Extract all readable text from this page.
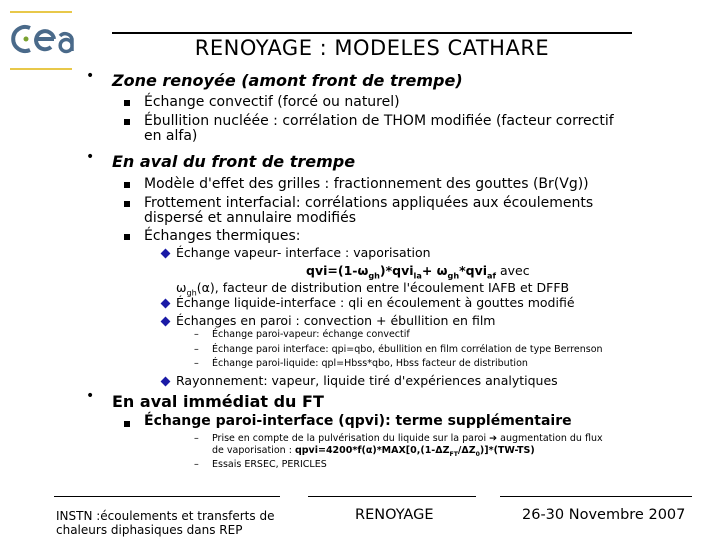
RENOYAGE : MODELES CATHARE
• Zone renoyée (amont front de trempe)
Échange convectif (forcé ou naturel)
Ébullition nucléée : corrélation de THOM modifiée (facteur correctif
en alfa)
• En aval du front de trempe
Modèle d'effet des grilles : fractionnement des gouttes (Br(Vg))
Frottement interfacial: corrélations appliquées aux écoulements
dispersé et annulaire modifiés
Échanges thermiques:
Échange vapeur- interface : vaporisation
$qvi=(1-\omega_{gh})*qvi_{la}+ \omega_{gh}*qvi_{af}$ avec
$\omega_{gh}(\alpha)$, facteur de distribution entre l'écoulement IAFB et DFFB
Échange liquide-interface : qli en écoulement à gouttes modifié
Échanges en paroi : convection + ébullition en film
– Échange paroi-vapeur: échange convectif
– Échange paroi interface: qpi=qbo, ébullition en film corrélation de type Berrenson
– Échange paroi-liquide: qpl=Hbss*qbo, Hbss facteur de distribution
Rayonnement: vapeur, liquide tiré d'expériences analytiques
• En aval immédiat du FT
Échange paroi-interface (qpvi): terme supplémentaire
– Prise en compte de la pulvérisation du liquide sur la paroi ➔ augmentation du flux
de vaporisation : $qpvi=4200*f(\alpha)*MAX[0,(1-\Delta Z_{FT}/\Delta Z_0)]*(TW-TS)$
– Essais ERSEC, PERICLES
INSTN :écoulements et transferts de
chaleurs diphasiques dans REP
RENOYAGE	26-30 Novembre 2007
